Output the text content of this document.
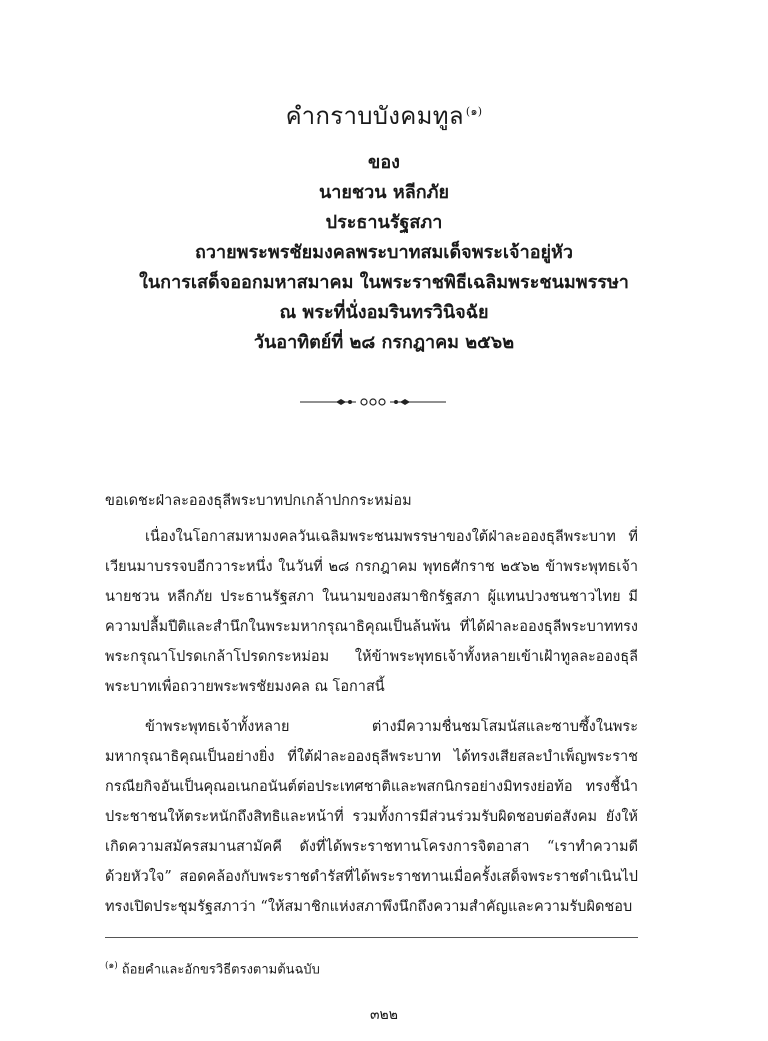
คำกราบบังคมทูล $^{(๑)}$
ของ
นายชวน หลีกภัย
ประธานรัฐสภา
ถวายพระพรชัยมงคลพระบาทสมเด็จพระเจ้าอยู่หัว
ในการเสด็จออกมหาสมาคม ในพระราชพิธีเฉลิมพระชนมพรรษา
ณ พระที่นั่งอมรินทรวินิจฉัย
วันอาทิตย์ที่ ๒๘ กรกฎาคม ๒๕๖๒

ขอเดชะฝ่าละอองธุลีพระบาทปกเกล้าปกกระหม่อม

เนื่องในโอกาสมหามงคลวันเฉลิมพระชนมพรรษาของใต้ฝ่าละอองธุลีพระบาท ที่เวียนมาบรรจบอีกวาระหนึ่ง ในวันที่ ๒๘ กรกฎาคม พุทธศักราช ๒๕๖๒ ข้าพระพุทธเจ้า นายชวน หลีกภัย ประธานรัฐสภา ในนามของสมาชิกรัฐสภา ผู้แทนปวงชนชาวไทย มีความปลื้มปีติและสำนึกในพระมหากรุณาธิคุณเป็นล้นพ้น ที่ได้ฝ่าละอองธุลีพระบาททรงพระกรุณาโปรดเกล้าโปรดกระหม่อม ให้ข้าพระพุทธเจ้าทั้งหลายเข้าเฝ้าทูลละอองธุลีพระบาทเพื่อถวายพระพรชัยมงคล ณ โอกาสนี้

ข้าพระพุทธเจ้าทั้งหลาย ต่างมีความชื่นชมโสมนัสและซาบซึ้งในพระมหากรุณาธิคุณเป็นอย่างยิ่ง ที่ใต้ฝ่าละอองธุลีพระบาท ได้ทรงเสียสละบำเพ็ญพระราชกรณียกิจอันเป็นคุณอเนกอนันต์ต่อประเทศชาติและพสกนิกรอย่างมิทรงย่อท้อ ทรงชี้นำประชาชนให้ตระหนักถึงสิทธิและหน้าที่ รวมทั้งการมีส่วนร่วมรับผิดชอบต่อสังคม ยังให้เกิดความสมัครสมานสามัคคี ดังที่ได้พระราชทานโครงการจิตอาสา “เราทำความดีด้วยหัวใจ” สอดคล้องกับพระราชดำรัสที่ได้พระราชทานเมื่อครั้งเสด็จพระราชดำเนินไปทรงเปิดประชุมรัฐสภาว่า “ให้สมาชิกแห่งสภาพึงนึกถึงความสำคัญและความรับผิดชอบ

$^{(๑)}$ ถ้อยคำและอักขรวิธีตรงตามต้นฉบับ
๓๒๒
